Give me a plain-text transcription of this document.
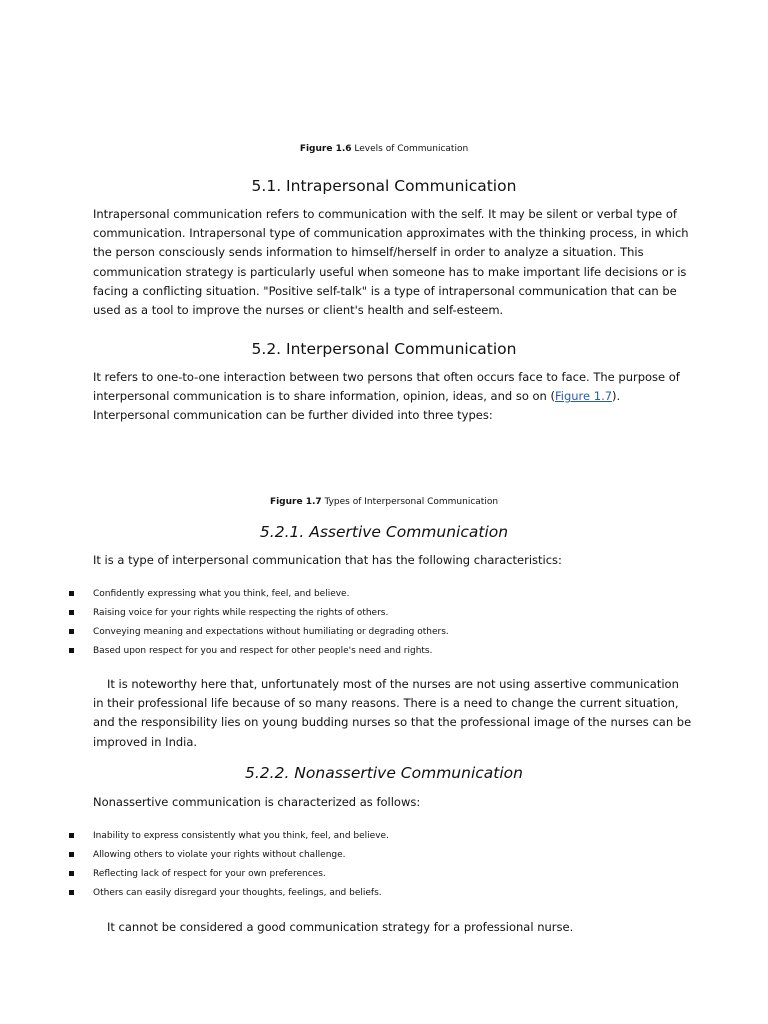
Figure 1.6 Levels of Communication
5.1. Intrapersonal Communication

Intrapersonal communication refers to communication with the self. It may be silent or verbal type of communication. Intrapersonal type of communication approximates with the thinking process, in which the person consciously sends information to himself/herself in order to analyze a situation. This communication strategy is particularly useful when someone has to make important life decisions or is facing a conflicting situation. "Positive self-talk" is a type of intrapersonal communication that can be used as a tool to improve the nurses or client's health and self-esteem.

5.2. Interpersonal Communication

It refers to one-to-one interaction between two persons that often occurs face to face. The purpose of interpersonal communication is to share information, opinion, ideas, and so on (Figure 1.7). Interpersonal communication can be further divided into three types:

Figure 1.7 Types of Interpersonal Communication
5.2.1. Assertive Communication

It is a type of interpersonal communication that has the following characteristics:

Confidently expressing what you think, feel, and believe.
Raising voice for your rights while respecting the rights of others.
Conveying meaning and expectations without humiliating or degrading others.
Based upon respect for you and respect for other people's need and rights.

It is noteworthy here that, unfortunately most of the nurses are not using assertive communication in their professional life because of so many reasons. There is a need to change the current situation, and the responsibility lies on young budding nurses so that the professional image of the nurses can be improved in India.

5.2.2. Nonassertive Communication

Nonassertive communication is characterized as follows:

Inability to express consistently what you think, feel, and believe.
Allowing others to violate your rights without challenge.
Reflecting lack of respect for your own preferences.
Others can easily disregard your thoughts, feelings, and beliefs.

It cannot be considered a good communication strategy for a professional nurse.
